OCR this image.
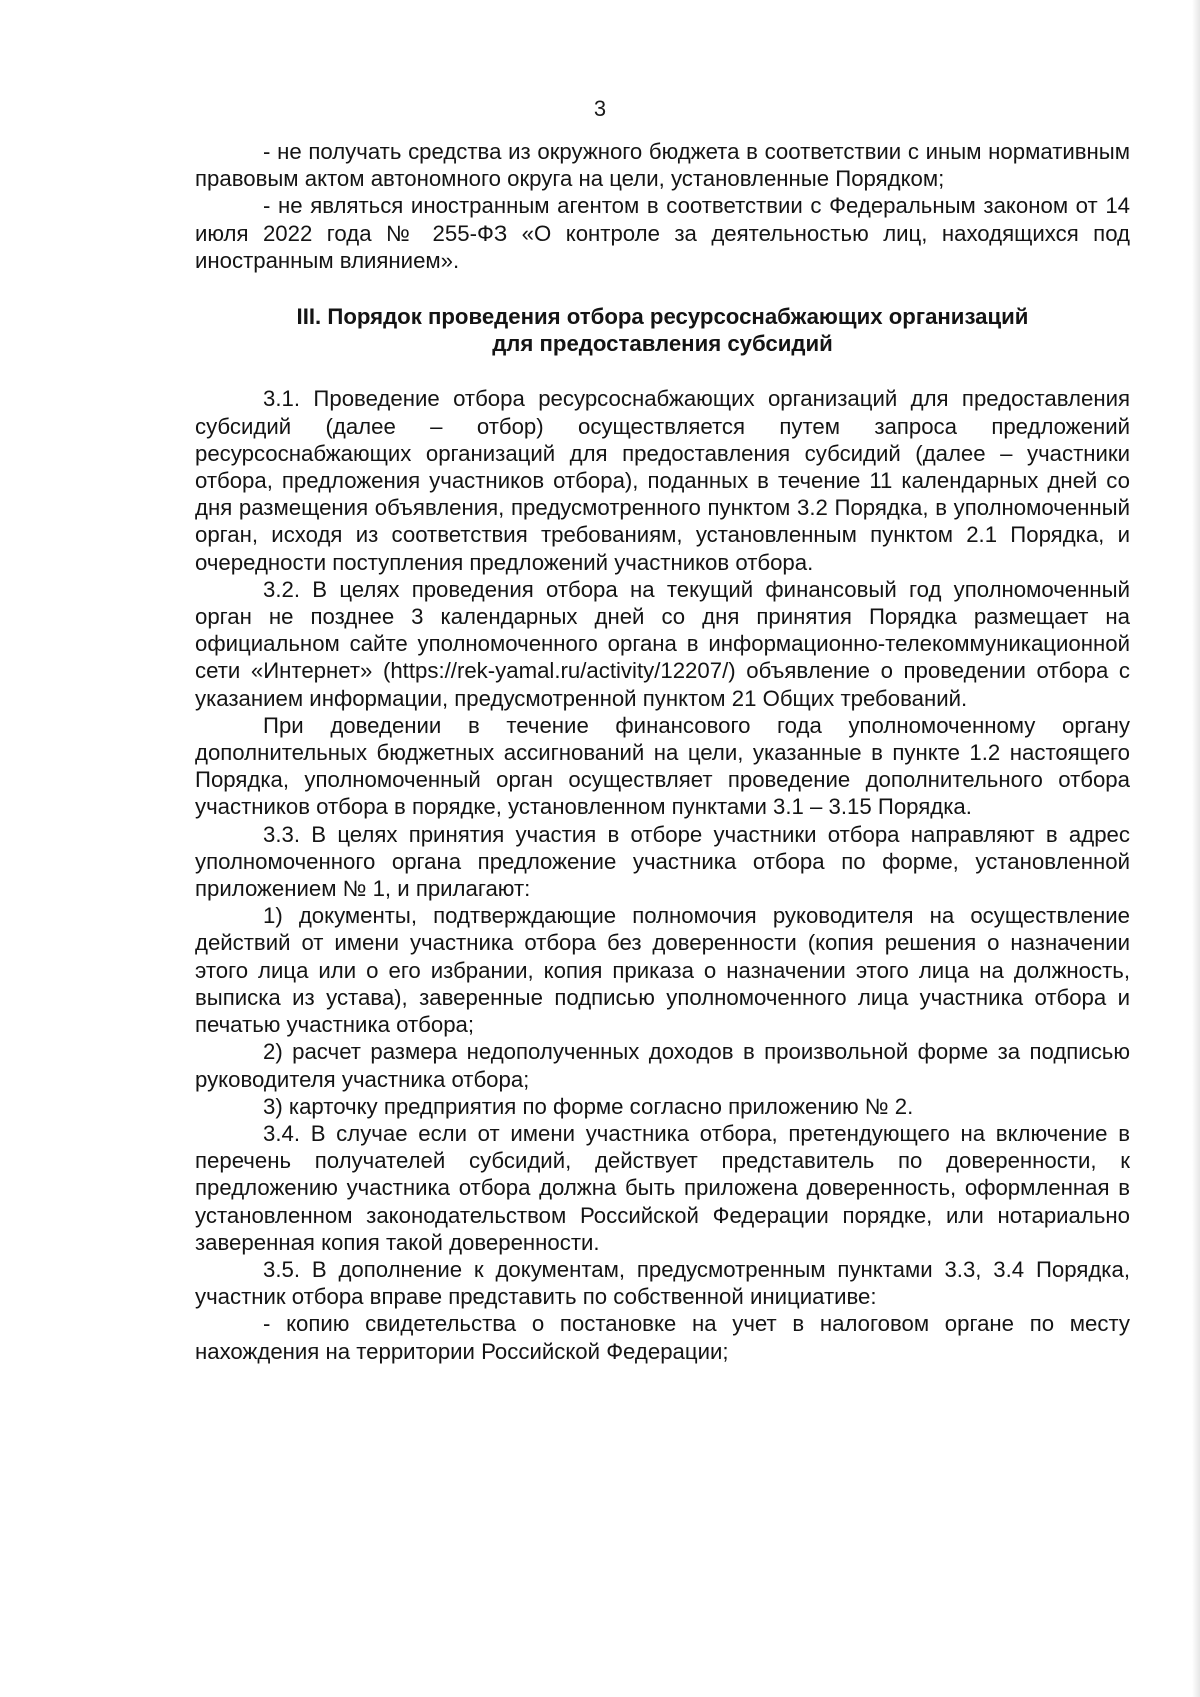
3

- не получать средства из окружного бюджета в соответствии с иным нормативным правовым актом автономного округа на цели, установленные Порядком;

- не являться иностранным агентом в соответствии с Федеральным законом от 14 июля 2022 года № 255-ФЗ «О контроле за деятельностью лиц, находящихся под иностранным влиянием».

III. Порядок проведения отбора ресурсоснабжающих организаций
для предоставления субсидий

3.1. Проведение отбора ресурсоснабжающих организаций для предоставления субсидий (далее – отбор) осуществляется путем запроса предложений ресурсоснабжающих организаций для предоставления субсидий (далее – участники отбора, предложения участников отбора), поданных в течение 11 календарных дней со дня размещения объявления, предусмотренного пунктом 3.2 Порядка, в уполномоченный орган, исходя из соответствия требованиям, установленным пунктом 2.1 Порядка, и очередности поступления предложений участников отбора.

3.2. В целях проведения отбора на текущий финансовый год уполномоченный орган не позднее 3 календарных дней со дня принятия Порядка размещает на официальном сайте уполномоченного органа в информационно-телекоммуникационной сети «Интернет» (https://rek-yamal.ru/activity/12207/) объявление о проведении отбора с указанием информации, предусмотренной пунктом 21 Общих требований.

При доведении в течение финансового года уполномоченному органу дополнительных бюджетных ассигнований на цели, указанные в пункте 1.2 настоящего Порядка, уполномоченный орган осуществляет проведение дополнительного отбора участников отбора в порядке, установленном пунктами 3.1 – 3.15 Порядка.

3.3. В целях принятия участия в отборе участники отбора направляют в адрес уполномоченного органа предложение участника отбора по форме, установленной приложением № 1, и прилагают:

1) документы, подтверждающие полномочия руководителя на осуществление действий от имени участника отбора без доверенности (копия решения о назначении этого лица или о его избрании, копия приказа о назначении этого лица на должность, выписка из устава), заверенные подписью уполномоченного лица участника отбора и печатью участника отбора;

2) расчет размера недополученных доходов в произвольной форме за подписью руководителя участника отбора;

3) карточку предприятия по форме согласно приложению № 2.

3.4. В случае если от имени участника отбора, претендующего на включение в перечень получателей субсидий, действует представитель по доверенности, к предложению участника отбора должна быть приложена доверенность, оформленная в установленном законодательством Российской Федерации порядке, или нотариально заверенная копия такой доверенности.

3.5. В дополнение к документам, предусмотренным пунктами 3.3, 3.4 Порядка, участник отбора вправе представить по собственной инициативе:

- копию свидетельства о постановке на учет в налоговом органе по месту нахождения на территории Российской Федерации;
